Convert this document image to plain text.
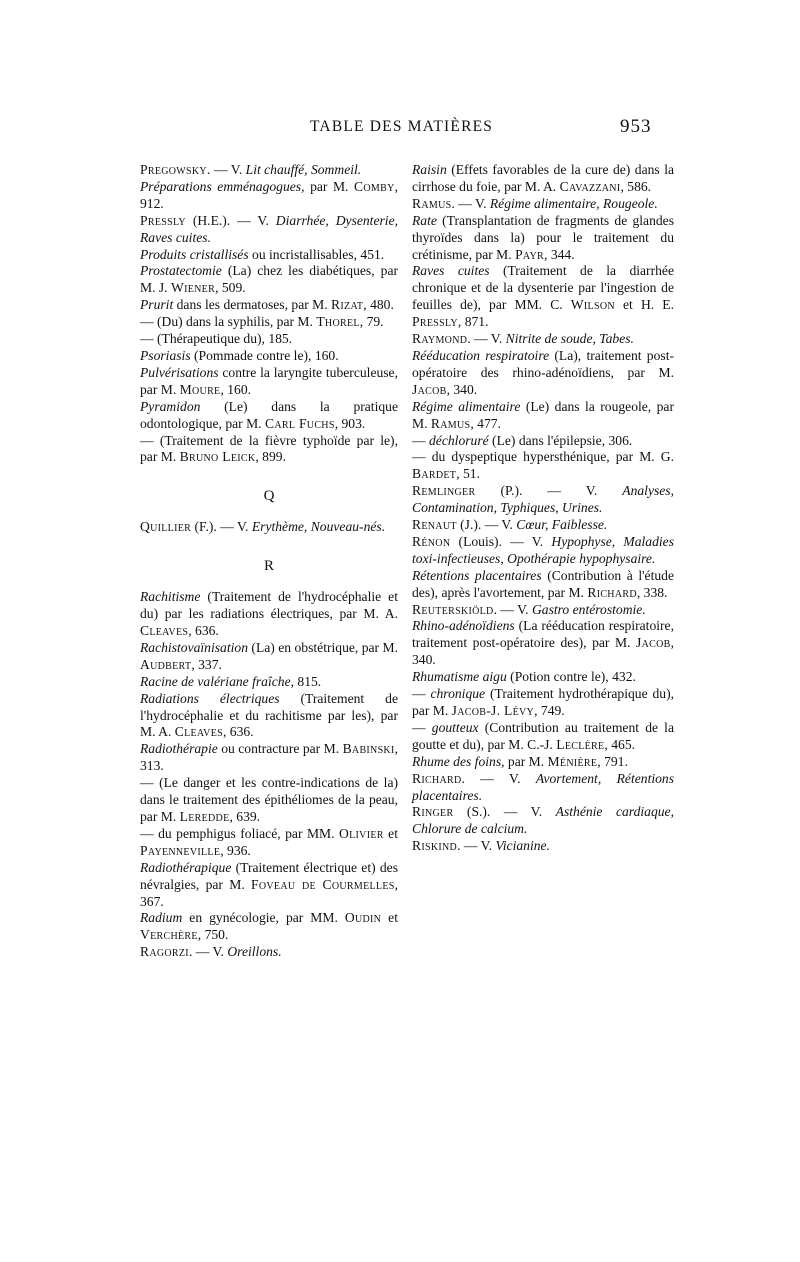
TABLE DES MATIÈRES	953

Pregowsky. — V. Lit chauffé, Sommeil.

Préparations emménagogues, par M. Comby, 912.

Pressly (H.E.). — V. Diarrhée, Dysenterie, Raves cuites.

Produits cristallisés ou incristallisables, 451.

Prostatectomie (La) chez les diabétiques, par M. J. Wiener, 509.

Prurit dans les dermatoses, par M. Rizat, 480.

— (Du) dans la syphilis, par M. Thorel, 79.

— (Thérapeutique du), 185.

Psoriasis (Pommade contre le), 160.

Pulvérisations contre la laryngite tuberculeuse, par M. Moure, 160.

Pyramidon (Le) dans la pratique odontologique, par M. Carl Fuchs, 903.

— (Traitement de la fièvre typhoïde par le), par M. Bruno Leick, 899.

Q

Quillier (F.). — V. Erythème, Nouveau-nés.

R

Rachitisme (Traitement de l'hydrocéphalie et du) par les radiations électriques, par M. A. Cleaves, 636.

Rachistovaïnisation (La) en obstétrique, par M. Audbert, 337.

Racine de valériane fraîche, 815.

Radiations électriques (Traitement de l'hydrocéphalie et du rachitisme par les), par M. A. Cleaves, 636.

Radiothérapie ou contracture par M. Babinski, 313.

— (Le danger et les contre-indications de la) dans le traitement des épithéliomes de la peau, par M. Lereddе, 639.

— du pemphigus foliacé, par MM. Olivier et Payenneville, 936.

Radiothérapique (Traitement électrique et) des névralgies, par M. Foveau de Courmelles, 367.

Radium en gynécologie, par MM. Oudin et Verchère, 750.

Ragorzi. — V. Oreillons.

Raisin (Effets favorables de la cure de) dans la cirrhose du foie, par M. A. Cavazzani, 586.

Ramus. — V. Régime alimentaire, Rougeole.

Rate (Transplantation de fragments de glandes thyroïdes dans la) pour le traitement du crétinisme, par M. Payr, 344.

Raves cuites (Traitement de la diarrhée chronique et de la dysenterie par l'ingestion de feuilles de), par MM. C. Wilson et H. E. Pressly, 871.

Raymond. — V. Nitrite de soude, Tabes.

Rééducation respiratoire (La), traitement post-opératoire des rhino-adénoïdiens, par M. Jacob, 340.

Régime alimentaire (Le) dans la rougeole, par M. Ramus, 477.

— déchloruré (Le) dans l'épilepsie, 306.

— du dyspeptique hypersthénique, par M. G. Bardet, 51.

Remlinger (P.). — V. Analyses, Contamination, Typhiques, Urines.

Renaut (J.). — V. Cœur, Faiblesse.

Rénon (Louis). — V. Hypophyse, Maladies toxi-infectieuses, Opothérapie hypophysaire.

Rétentions placentaires (Contribution à l'étude des), après l'avortement, par M. Richard, 338.

Reuterskiöld. — V. Gastro entérostomie.

Rhino-adénoïdiens (La rééducation respiratoire, traitement post-opératoire des), par M. Jacob, 340.

Rhumatisme aigu (Potion contre le), 432.

— chronique (Traitement hydrothérapique du), par M. Jacob-J. Lévy, 749.

— goutteux (Contribution au traitement de la goutte et du), par M. C.-J. Leclère, 465.

Rhume des foins, par M. Ménière, 791.

Richard. — V. Avortement, Rétentions placentaires.

Ringer (S.). — V. Asthénie cardiaque, Chlorure de calcium.

Riskind. — V. Vicianine.
